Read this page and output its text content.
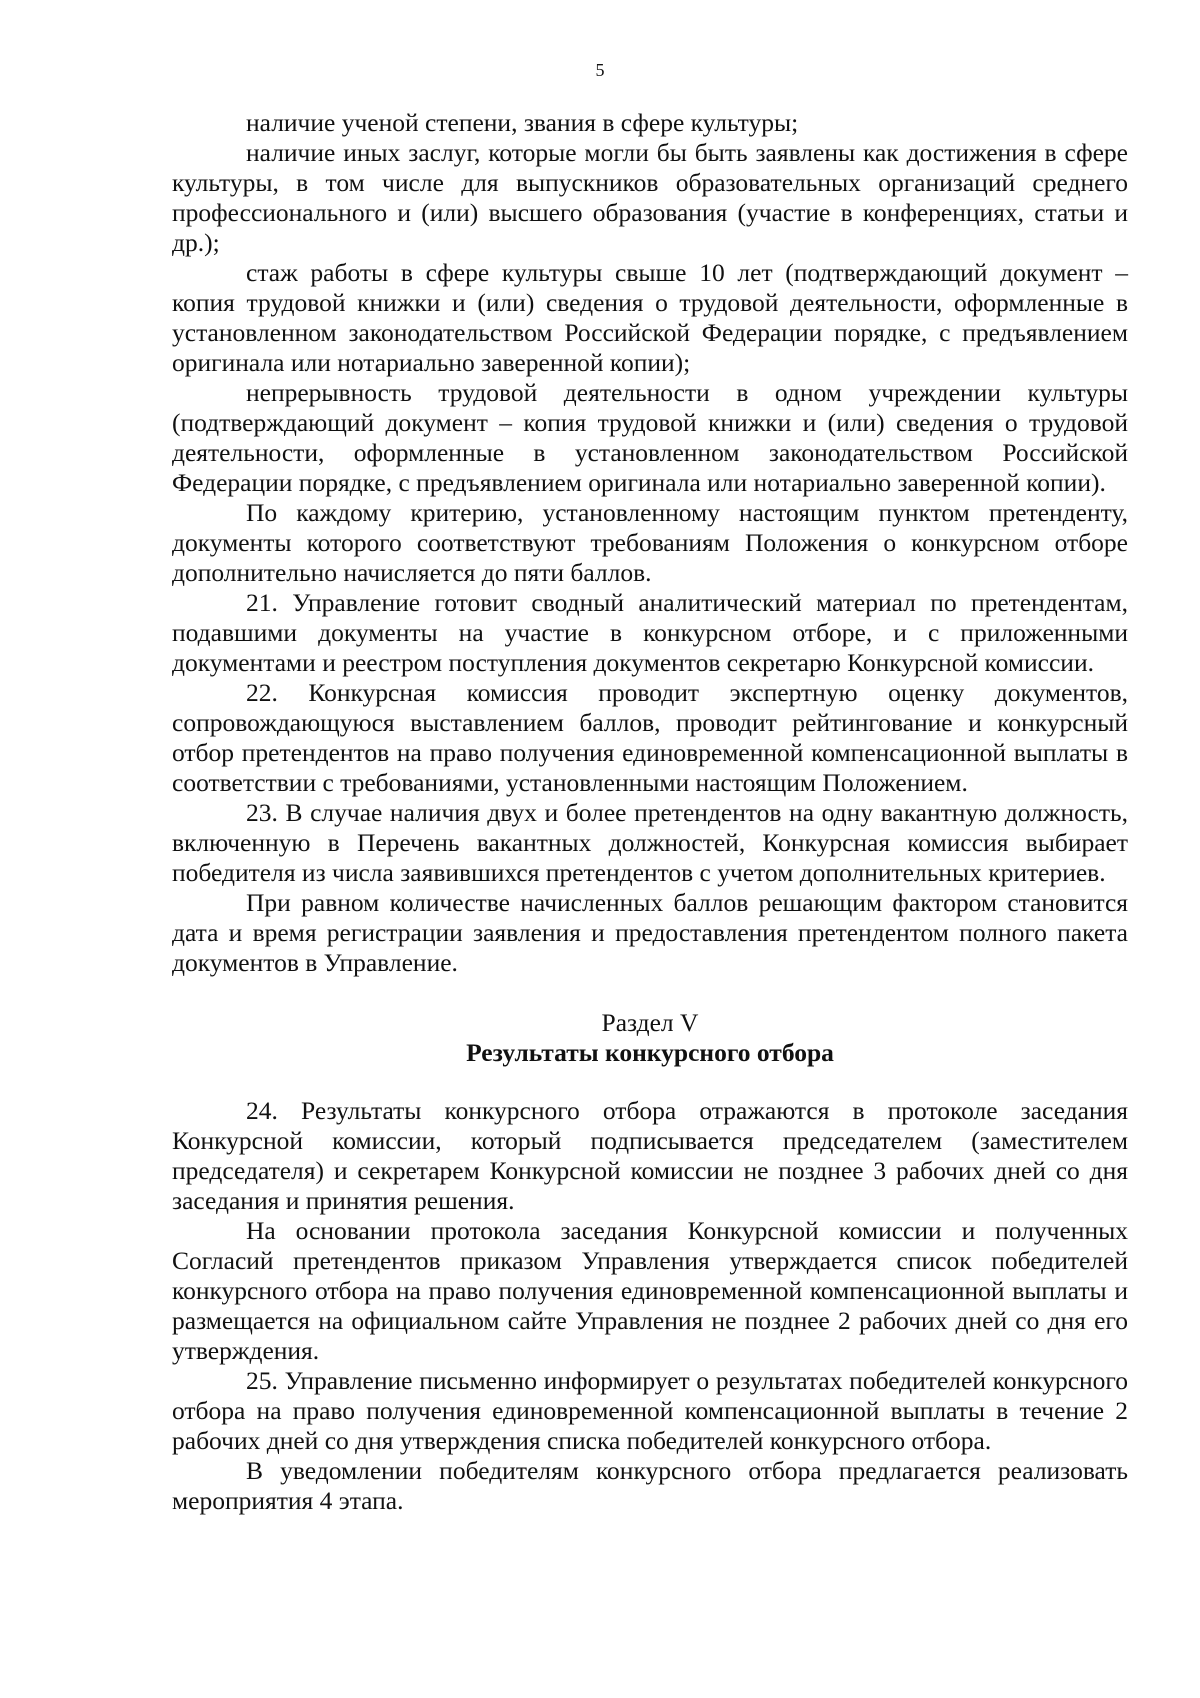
5

наличие ученой степени, звания в сфере культуры;

наличие иных заслуг, которые могли бы быть заявлены как достижения в сфере культуры, в том числе для выпускников образовательных организаций среднего профессионального и (или) высшего образования (участие в конференциях, статьи и др.);

стаж работы в сфере культуры свыше 10 лет (подтверждающий документ – копия трудовой книжки и (или) сведения о трудовой деятельности, оформленные в установленном законодательством Российской Федерации порядке, с предъявлением оригинала или нотариально заверенной копии);

непрерывность трудовой деятельности в одном учреждении культуры (подтверждающий документ – копия трудовой книжки и (или) сведения о трудовой деятельности, оформленные в установленном законодательством Российской Федерации порядке, с предъявлением оригинала или нотариально заверенной копии).

По каждому критерию, установленному настоящим пунктом претенденту, документы которого соответствуют требованиям Положения о конкурсном отборе дополнительно начисляется до пяти баллов.

21. Управление готовит сводный аналитический материал по претендентам, подавшими документы на участие в конкурсном отборе, и с приложенными документами и реестром поступления документов секретарю Конкурсной комиссии.

22. Конкурсная комиссия проводит экспертную оценку документов, сопровождающуюся выставлением баллов, проводит рейтингование и конкурсный отбор претендентов на право получения единовременной компенсационной выплаты в соответствии с требованиями, установленными настоящим Положением.

23. В случае наличия двух и более претендентов на одну вакантную должность, включенную в Перечень вакантных должностей, Конкурсная комиссия выбирает победителя из числа заявившихся претендентов с учетом дополнительных критериев.

При равном количестве начисленных баллов решающим фактором становится дата и время регистрации заявления и предоставления претендентом полного пакета документов в Управление.

Раздел V
Результаты конкурсного отбора

24. Результаты конкурсного отбора отражаются в протоколе заседания Конкурсной комиссии, который подписывается председателем (заместителем председателя) и секретарем Конкурсной комиссии не позднее 3 рабочих дней со дня заседания и принятия решения.

На основании протокола заседания Конкурсной комиссии и полученных Согласий претендентов приказом Управления утверждается список победителей конкурсного отбора на право получения единовременной компенсационной выплаты и размещается на официальном сайте Управления не позднее 2 рабочих дней со дня его утверждения.

25. Управление письменно информирует о результатах победителей конкурсного отбора на право получения единовременной компенсационной выплаты в течение 2 рабочих дней со дня утверждения списка победителей конкурсного отбора.

В уведомлении победителям конкурсного отбора предлагается реализовать мероприятия 4 этапа.
